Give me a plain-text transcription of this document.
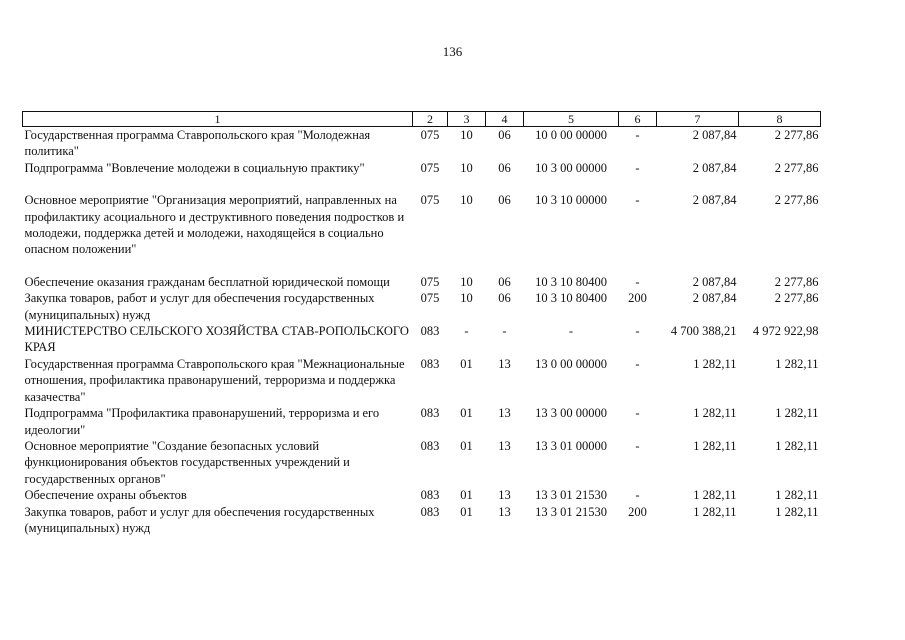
136
1	2	3	4	5	6	7	8
Государственная программа Ставропольского края "Молодежная политика"	075	10	06	10 0 00 00000	-	2 087,84	2 277,86
Подпрограмма "Вовлечение молодежи в социальную практику"	075	10	06	10 3 00 00000	-	2 087,84	2 277,86

Основное мероприятие "Организация мероприятий, направленных на профилактику асоциального и деструктивного поведения подростков и молодежи, поддержка детей и молодежи, находящейся в социально опасном положении"	075	10	06	10 3 10 00000	-	2 087,84	2 277,86

Обеспечение оказания гражданам бесплатной юридической помощи	075	10	06	10 3 10 80400	-	2 087,84	2 277,86
Закупка товаров, работ и услуг для обеспечения государственных (муниципальных) нужд	075	10	06	10 3 10 80400	200	2 087,84	2 277,86
МИНИСТЕРСТВО СЕЛЬСКОГО ХОЗЯЙСТВА СТАВ-РОПОЛЬСКОГО КРАЯ	083	-	-	-	-	4 700 388,21	4 972 922,98
Государственная программа Ставропольского края "Межнациональные отношения, профилактика правонарушений, терроризма и поддержка казачества"	083	01	13	13 0 00 00000	-	1 282,11	1 282,11
Подпрограмма "Профилактика правонарушений, терроризма и его идеологии"	083	01	13	13 3 00 00000	-	1 282,11	1 282,11
Основное мероприятие "Создание безопасных условий функционирования объектов государственных учреждений и государственных органов"	083	01	13	13 3 01 00000	-	1 282,11	1 282,11
Обеспечение охраны объектов	083	01	13	13 3 01 21530	-	1 282,11	1 282,11
Закупка товаров, работ и услуг для обеспечения государственных (муниципальных) нужд	083	01	13	13 3 01 21530	200	1 282,11	1 282,11
